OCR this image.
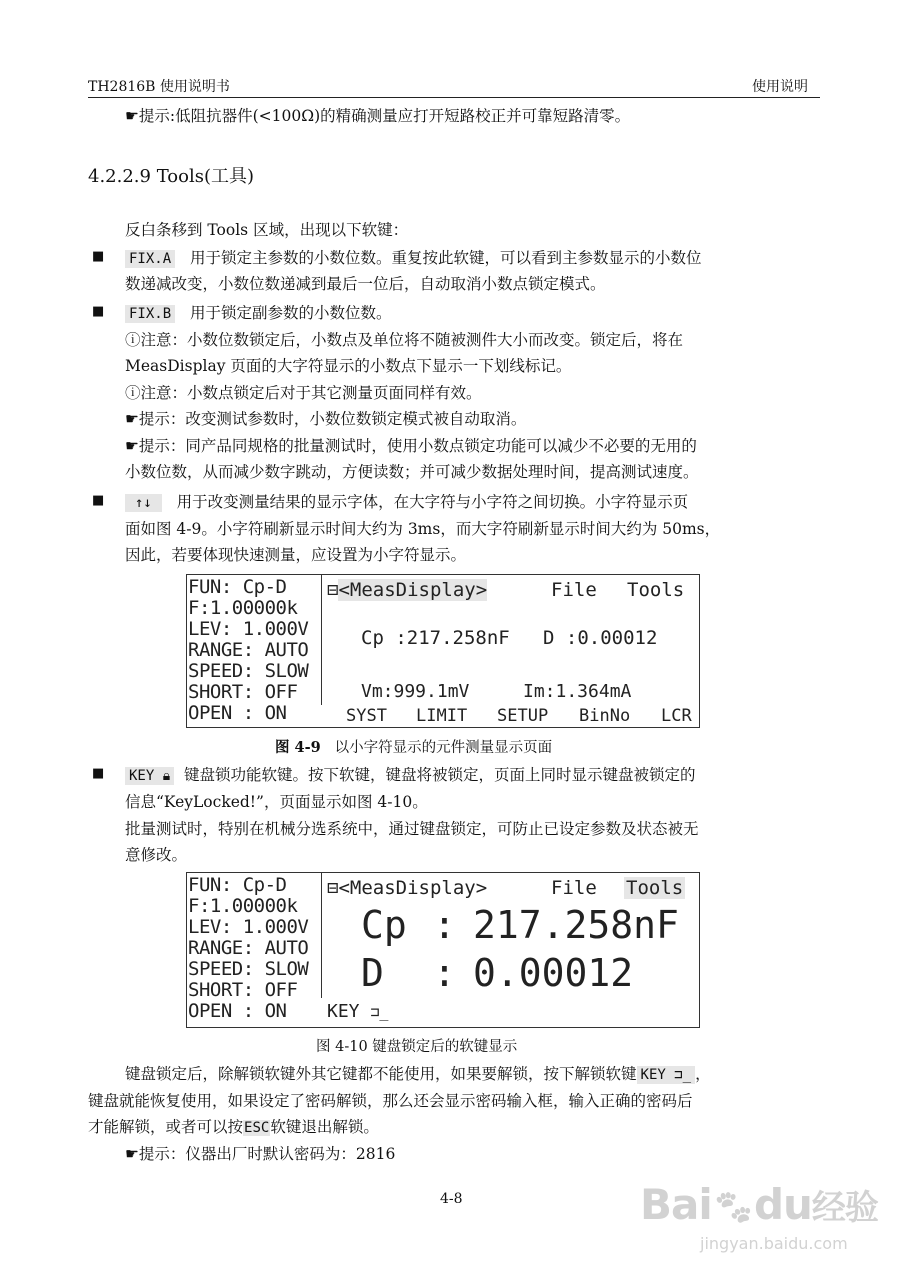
TH2816B 使用说明书	使用说明
☛提示:低阻抗器件(<100Ω)的精确测量应打开短路校正并可靠短路清零。
4.2.2.9 Tools(工具)
反白条移到 Tools 区域，出现以下软键：
■ FIX.A 用于锁定主参数的小数位数。重复按此软键，可以看到主参数显示的小数位
数递减改变，小数位数递减到最后一位后，自动取消小数点锁定模式。
■ FIX.B 用于锁定副参数的小数位数。
ⓘ注意：小数位数锁定后，小数点及单位将不随被测件大小而改变。锁定后，将在
MeasDisplay 页面的大字符显示的小数点下显示一下划线标记。
ⓘ注意：小数点锁定后对于其它测量页面同样有效。
☛提示：改变测试参数时，小数位数锁定模式被自动取消。
☛提示：同产品同规格的批量测试时，使用小数点锁定功能可以减少不必要的无用的
小数位数，从而减少数字跳动，方便读数；并可减少数据处理时间，提高测试速度。
■	↑↓ 用于改变测量结果的显示字体，在大字符与小字符之间切换。小字符显示页
面如图 4-9。小字符刷新显示时间大约为 3ms，而大字符刷新显示时间大约为 50ms，
因此，若要体现快速测量，应设置为小字符显示。
FUN: Cp-D
F:1.00000k
LEV: 1.000V
RANGE: AUTO
SPEED: SLOW
SHORT: OFF
OPEN : ON
⊟<MeasDisplay>	File Tools
Cp :217.258nF D :0.00012
Vm:999.1mV	Im:1.364mA
SYST LIMIT SETUP BinNo LCR
图 4-9 以小字符显示的元件测量显示页面
■ KEY 🔒︎ 键盘锁功能软键。按下软键，键盘将被锁定，页面上同时显示键盘被锁定的
信息“KeyLocked!”，页面显示如图 4-10。
批量测试时，特别在机械分选系统中，通过键盘锁定，可防止已设定参数及状态被无
意修改。
FUN: Cp-D
F:1.00000k
LEV: 1.000V
RANGE: AUTO
SPEED: SLOW
SHORT: OFF
OPEN : ON
⊟<MeasDisplay>	File Tools
Cp : 217.258nF
D : 0.00012
KEY ⊐̲
图 4-10 键盘锁定后的软键显示
键盘锁定后，除解锁软键外其它键都不能使用，如果要解锁，按下解锁软键 KEY ⊐̲ ，
键盘就能恢复使用，如果设定了密码解锁，那么还会显示密码输入框，输入正确的密码后
才能解锁，或者可以按ESC软键退出解锁。
☛提示：仪器出厂时默认密码为：2816
4-8	Bai🐾︎du经验
jingyan.baidu.com
